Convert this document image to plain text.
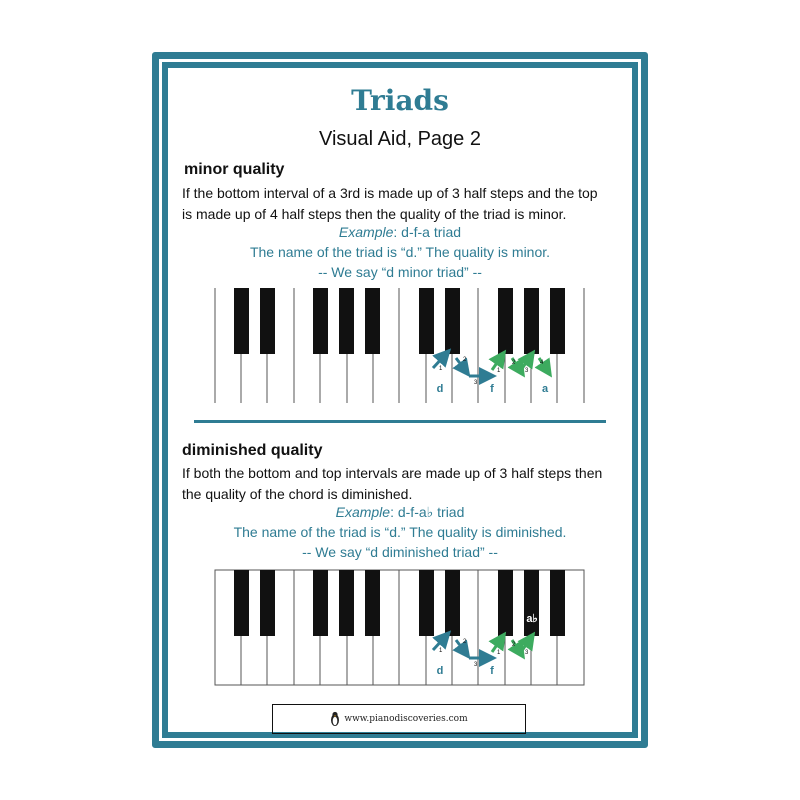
Triads
Visual Aid, Page 2
minor quality
If the bottom interval of a 3rd is made up of 3 half steps and the top
is made up of 4 half steps then the quality of the triad is minor.
Example: d-f-a triad
The name of the triad is “d.” The quality is minor.
-- We say “d minor triad” --
1
2
3
1
2
3
4
d	f	a
diminished quality
If both the bottom and top intervals are made up of 3 half steps then
the quality of the chord is diminished.
Example: d-f-a♭ triad
The name of the triad is “d.” The quality is diminished.
-- We say “d diminished triad” --
1
2
3
1
2
3
d	f
a♭
www.pianodiscoveries.com
